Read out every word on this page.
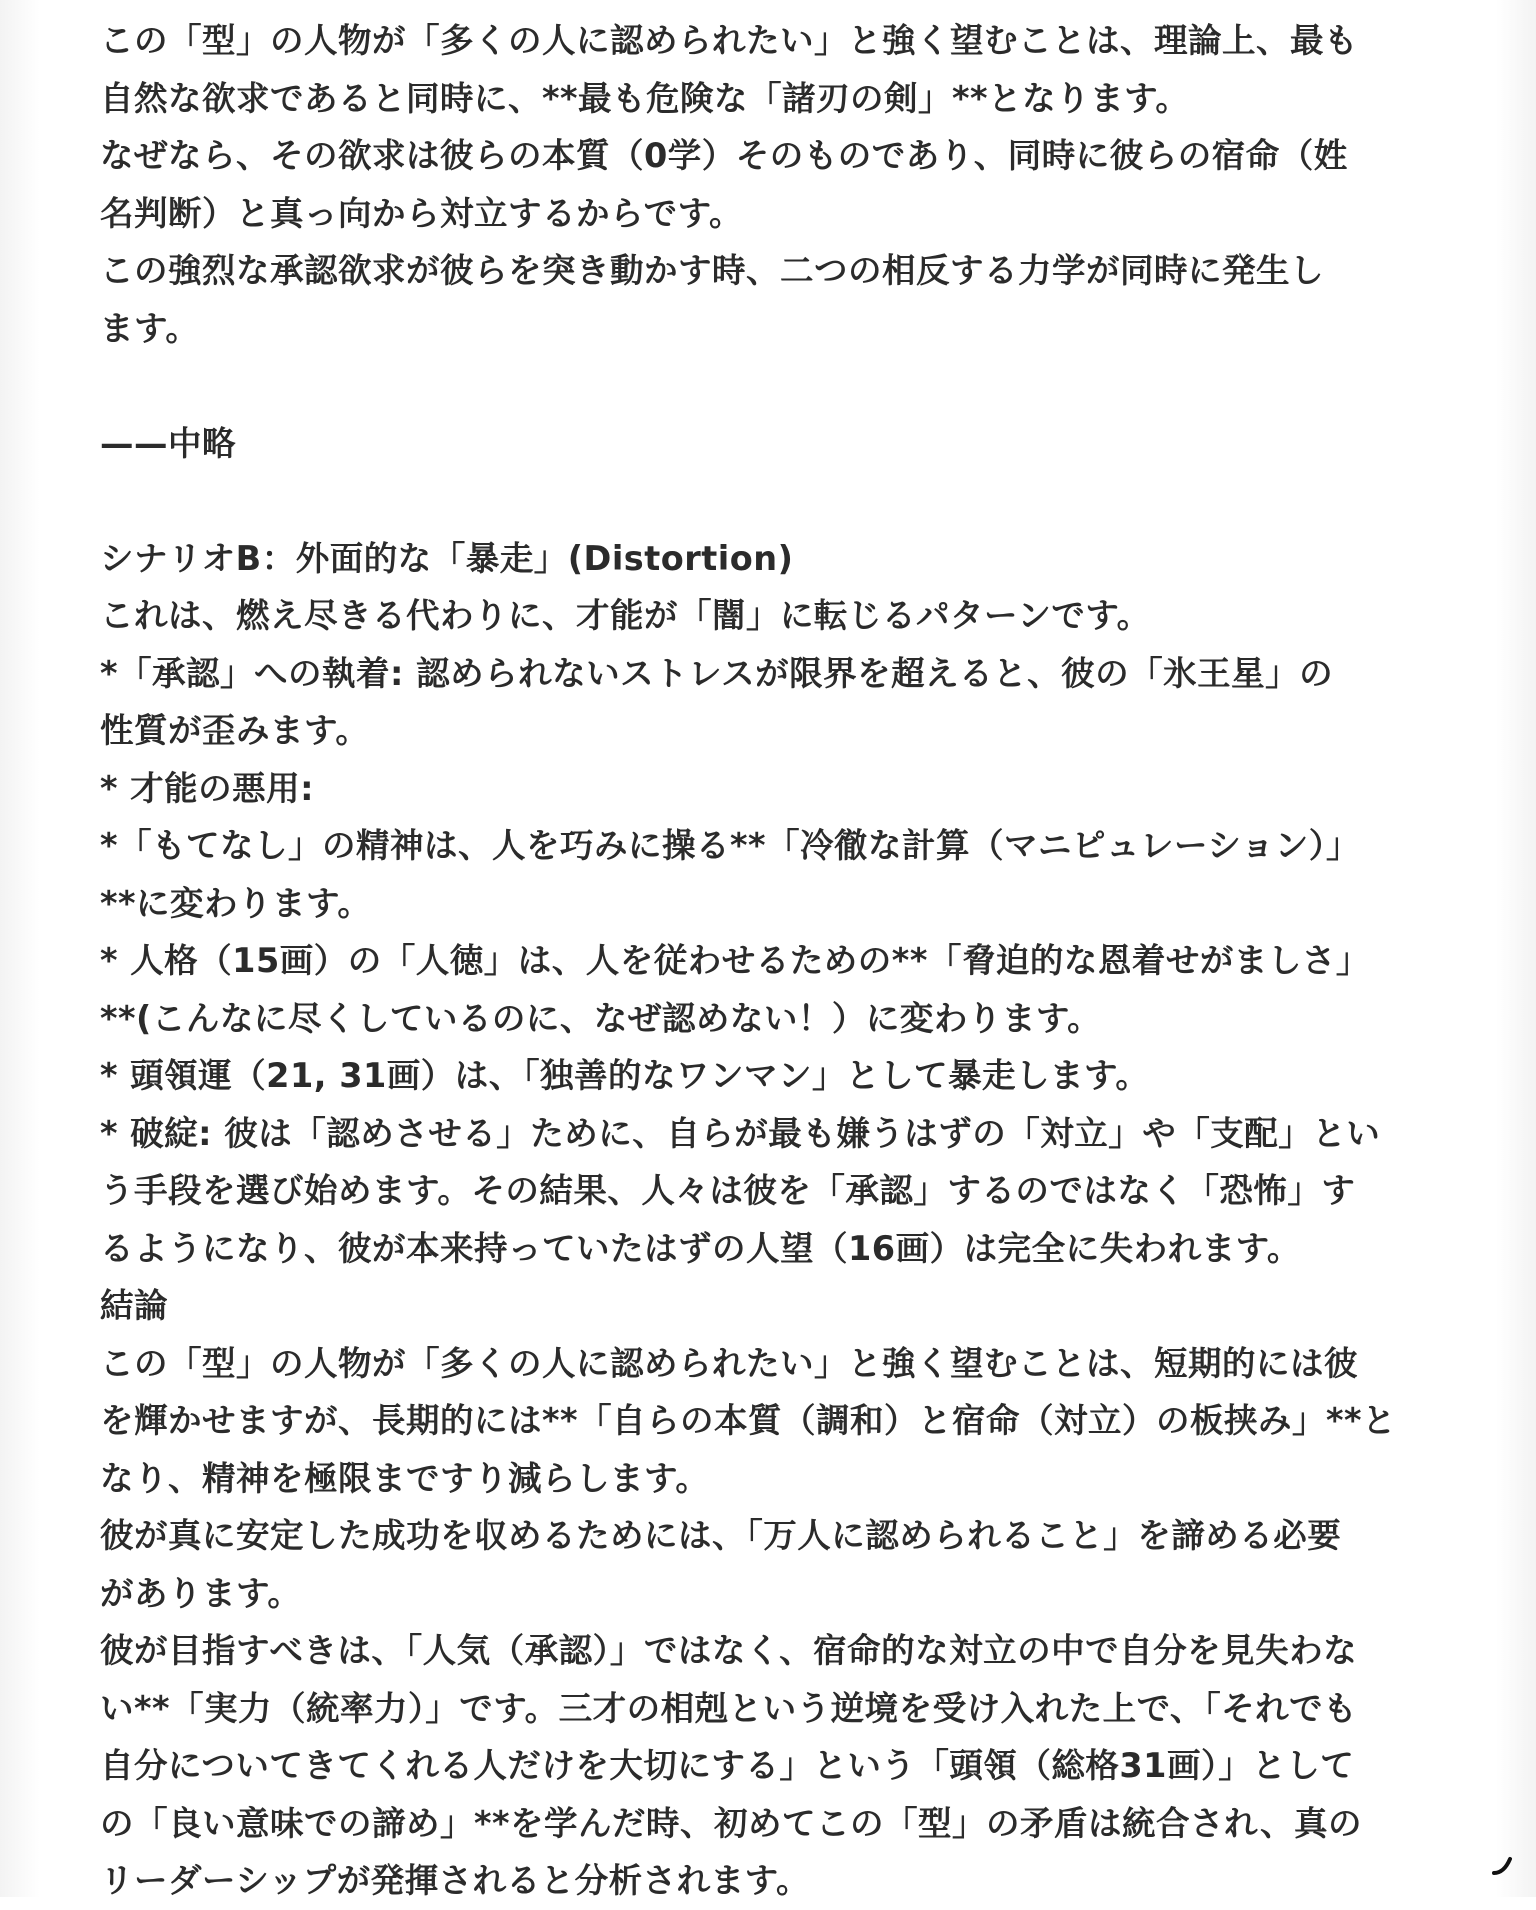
この「型」の人物が「多くの人に認められたい」と強く望むことは、理論上、最も
自然な欲求であると同時に、**最も危険な「諸刃の剣」**となります。
なぜなら、その欲求は彼らの本質（0学）そのものであり、同時に彼らの宿命（姓
名判断）と真っ向から対立するからです。
この強烈な承認欲求が彼らを突き動かす時、二つの相反する力学が同時に発生し
ます。
——中略
シナリオB：外面的な「暴走」(Distortion)
これは、燃え尽きる代わりに、才能が「闇」に転じるパターンです。
*「承認」への執着: 認められないストレスが限界を超えると、彼の「氷王星」の
性質が歪みます。
* 才能の悪用:
*「もてなし」の精神は、人を巧みに操る**「冷徹な計算（マニピュレーション）」
**に変わります。
* 人格（15画）の「人徳」は、人を従わせるための**「脅迫的な恩着せがましさ」
**(こんなに尽くしているのに、なぜ認めない！）に変わります。
* 頭領運（21, 31画）は、「独善的なワンマン」として暴走します。
* 破綻: 彼は「認めさせる」ために、自らが最も嫌うはずの「対立」や「支配」とい
う手段を選び始めます。その結果、人々は彼を「承認」するのではなく「恐怖」す
るようになり、彼が本来持っていたはずの人望（16画）は完全に失われます。
結論
この「型」の人物が「多くの人に認められたい」と強く望むことは、短期的には彼
を輝かせますが、長期的には**「自らの本質（調和）と宿命（対立）の板挟み」**と
なり、精神を極限まですり減らします。
彼が真に安定した成功を収めるためには、「万人に認められること」を諦める必要
があります。
彼が目指すべきは、「人気（承認）」ではなく、宿命的な対立の中で自分を見失わな
い**「実力（統率力）」です。三才の相剋という逆境を受け入れた上で、「それでも
自分についてきてくれる人だけを大切にする」という「頭領（総格31画）」として
の「良い意味での諦め」**を学んだ時、初めてこの「型」の矛盾は統合され、真の
リーダーシップが発揮されると分析されます。
